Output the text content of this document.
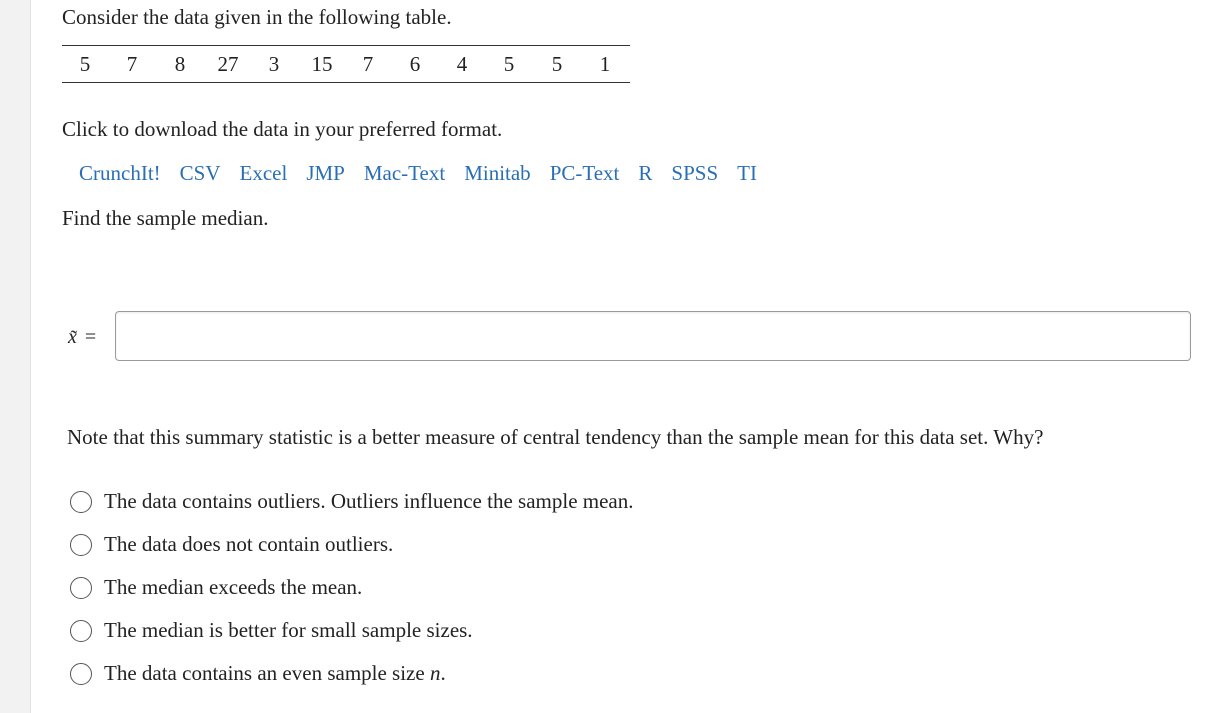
Consider the data given in the following table.
5	7	8	27	3	15	7	6	4	5	5	1
Click to download the data in your preferred format.
CrunchIt! CSV Excel JMP Mac-Text Minitab PC-Text R SPSS TI
Find the sample median.
x̃ =
Note that this summary statistic is a better measure of central tendency than the sample mean for this data set. Why?
The data contains outliers. Outliers influence the sample mean.
The data does not contain outliers.
The median exceeds the mean.
The median is better for small sample sizes.
The data contains an even sample size n.
